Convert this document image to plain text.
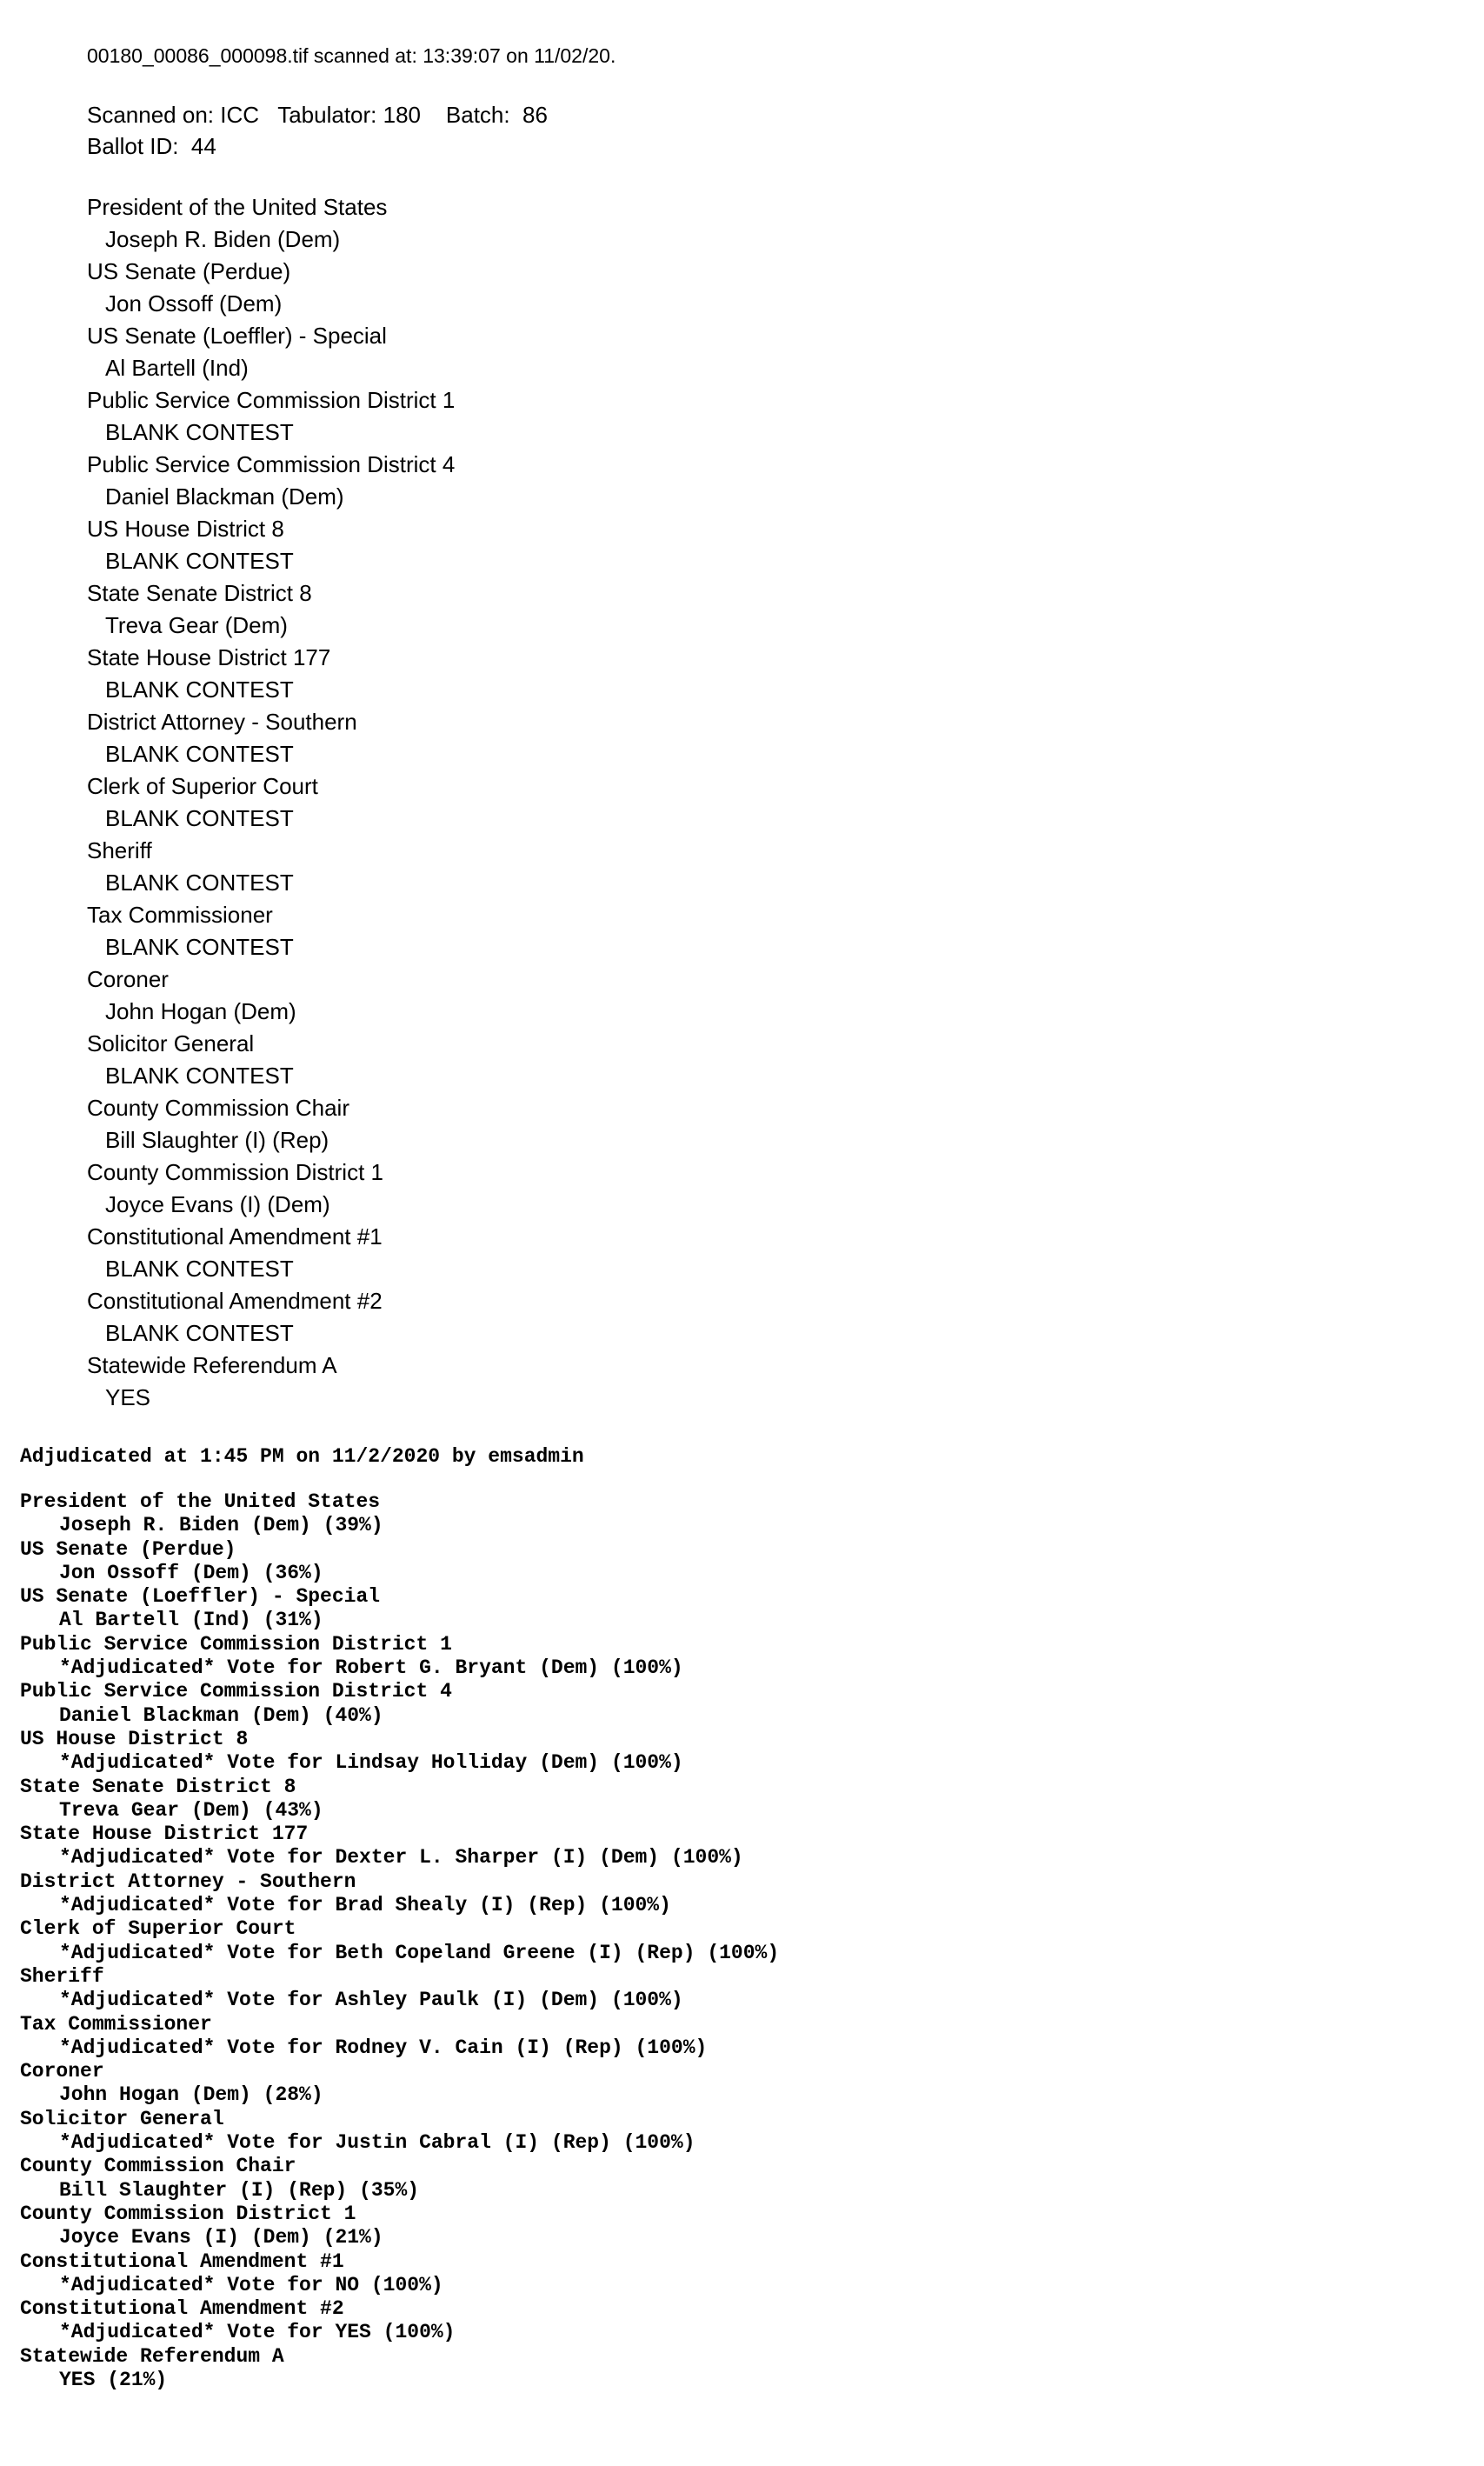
00180_00086_000098.tif scanned at: 13:39:07 on 11/02/20.
Scanned on: ICC   Tabulator: 180    Batch:  86
Ballot ID:  44
President of the United States
Joseph R. Biden (Dem)
US Senate (Perdue)
Jon Ossoff (Dem)
US Senate (Loeffler) - Special
Al Bartell (Ind)
Public Service Commission District 1
BLANK CONTEST
Public Service Commission District 4
Daniel Blackman (Dem)
US House District 8
BLANK CONTEST
State Senate District 8
Treva Gear (Dem)
State House District 177
BLANK CONTEST
District Attorney - Southern
BLANK CONTEST
Clerk of Superior Court
BLANK CONTEST
Sheriff
BLANK CONTEST
Tax Commissioner
BLANK CONTEST
Coroner
John Hogan (Dem)
Solicitor General
BLANK CONTEST
County Commission Chair
Bill Slaughter (I) (Rep)
County Commission District 1
Joyce Evans (I) (Dem)
Constitutional Amendment #1
BLANK CONTEST
Constitutional Amendment #2
BLANK CONTEST
Statewide Referendum A
YES
Adjudicated at 1:45 PM on 11/2/2020 by emsadmin
President of the United States
Joseph R. Biden (Dem) (39%)
US Senate (Perdue)
Jon Ossoff (Dem) (36%)
US Senate (Loeffler) - Special
Al Bartell (Ind) (31%)
Public Service Commission District 1
*Adjudicated* Vote for Robert G. Bryant (Dem) (100%)
Public Service Commission District 4
Daniel Blackman (Dem) (40%)
US House District 8
*Adjudicated* Vote for Lindsay Holliday (Dem) (100%)
State Senate District 8
Treva Gear (Dem) (43%)
State House District 177
*Adjudicated* Vote for Dexter L. Sharper (I) (Dem) (100%)
District Attorney - Southern
*Adjudicated* Vote for Brad Shealy (I) (Rep) (100%)
Clerk of Superior Court
*Adjudicated* Vote for Beth Copeland Greene (I) (Rep) (100%)
Sheriff
*Adjudicated* Vote for Ashley Paulk (I) (Dem) (100%)
Tax Commissioner
*Adjudicated* Vote for Rodney V. Cain (I) (Rep) (100%)
Coroner
John Hogan (Dem) (28%)
Solicitor General
*Adjudicated* Vote for Justin Cabral (I) (Rep) (100%)
County Commission Chair
Bill Slaughter (I) (Rep) (35%)
County Commission District 1
Joyce Evans (I) (Dem) (21%)
Constitutional Amendment #1
*Adjudicated* Vote for NO (100%)
Constitutional Amendment #2
*Adjudicated* Vote for YES (100%)
Statewide Referendum A
YES (21%)
